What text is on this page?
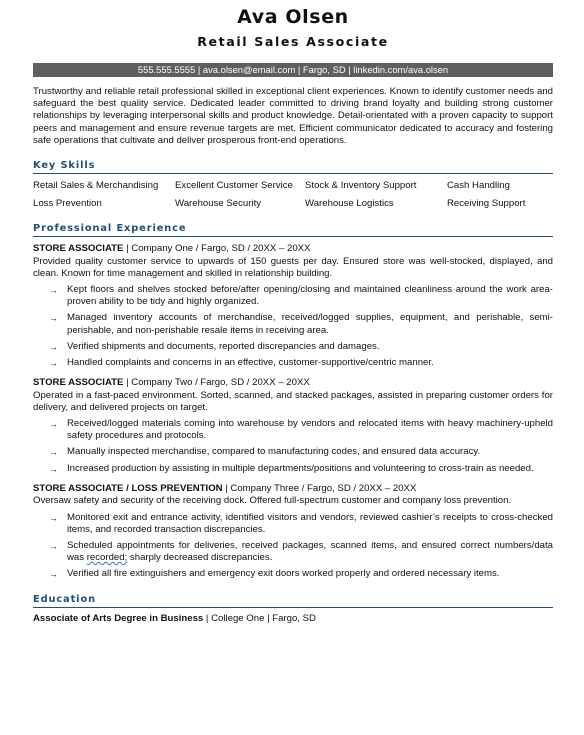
Ava Olsen
Retail Sales Associate
555.555.5555 | ava.olsen@email.com | Fargo, SD | linkedin.com/ava.olsen

Trustworthy and reliable retail professional skilled in exceptional client experiences. Known to identify customer needs and safeguard the best quality service. Dedicated leader committed to driving brand loyalty and building strong customer relationships by leveraging interpersonal skills and product knowledge. Detail-orientated with a proven capacity to support peers and management and ensure revenue targets are met. Efficient communicator dedicated to accuracy and fostering safe operations that cultivate and deliver prosperous front-end operations.

Key Skills
Retail Sales & Merchandising	Excellent Customer Service	Stock & Inventory Support	Cash Handling
Loss Prevention	Warehouse Security	Warehouse Logistics	Receiving Support
Professional Experience
STORE ASSOCIATE | Company One / Fargo, SD / 20XX – 20XX
Provided quality customer service to upwards of 150 guests per day. Ensured store was well-stocked, displayed, and clean. Known for time management and skilled in relationship building.
→ Kept floors and shelves stocked before/after opening/closing and maintained cleanliness around the work area-proven ability to be tidy and highly organized.
→ Managed inventory accounts of merchandise, received/logged supplies, equipment, and perishable, semi-perishable, and non-perishable resale items in receiving area.
→ Verified shipments and documents, reported discrepancies and damages.
→ Handled complaints and concerns in an effective, customer-supportive/centric manner.
STORE ASSOCIATE | Company Two / Fargo, SD / 20XX – 20XX
Operated in a fast-paced environment. Sorted, scanned, and stacked packages, assisted in preparing customer orders for delivery, and delivered projects on target.
→ Received/logged materials coming into warehouse by vendors and relocated items with heavy machinery-upheld safety procedures and protocols.
→ Manually inspected merchandise, compared to manufacturing codes, and ensured data accuracy.
→ Increased production by assisting in multiple departments/positions and volunteering to cross-train as needed.
STORE ASSOCIATE / LOSS PREVENTION | Company Three / Fargo, SD / 20XX – 20XX
Oversaw safety and security of the receiving dock. Offered full-spectrum customer and company loss prevention.
→ Monitored exit and entrance activity, identified visitors and vendors, reviewed cashier’s receipts to cross-checked items, and recorded transaction discrepancies.
→ Scheduled appointments for deliveries, received packages, scanned items, and ensured correct numbers/data was recorded; sharply decreased discrepancies.
→ Verified all fire extinguishers and emergency exit doors worked properly and ordered necessary items.
Education
Associate of Arts Degree in Business | College One | Fargo, SD
